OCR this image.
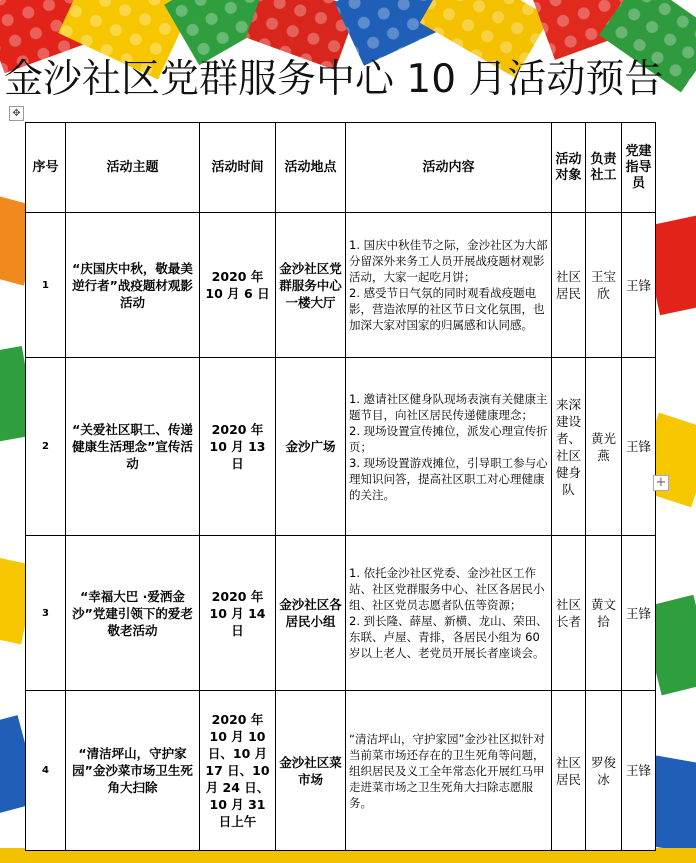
金沙社区党群服务中心 10 月活动预告
✥
+
序号	活动主题	活动时间	活动地点	活动内容	活动对象	负责社工	党建指导员
1	“庆国庆中秋，敬最美逆行者”战疫题材观影活动	2020 年 10 月 6 日	金沙社区党群服务中心一楼大厅	1. 国庆中秋佳节之际，金沙社区为大部分留深外来务工人员开展战疫题材观影活动，大家一起吃月饼；

2. 感受节日气氛的同时观看战疫题电影，营造浓厚的社区节日文化氛围，也加深大家对国家的归属感和认同感。	社区居民	王宝欣	王锋
2	“关爱社区职工、传递健康生活理念”宣传活动	2020 年 10 月 13 日	金沙广场	1. 邀请社区健身队现场表演有关健康主题节目，向社区居民传递健康理念；

2. 现场设置宣传摊位，派发心理宣传折页；

3. 现场设置游戏摊位，引导职工参与心理知识问答，提高社区职工对心理健康的关注。	来深建设者、社区健身队	黄光燕	王锋
3	“幸福大巴 ·爱洒金沙”党建引领下的爱老敬老活动	2020 年 10 月 14 日	金沙社区各居民小组	1. 依托金沙社区党委、金沙社区工作站、社区党群服务中心、社区各居民小组、社区党员志愿者队伍等资源；

2. 到长隆、薛屋、新横、龙山、荣田、东联、卢屋、青排，各居民小组为 60 岁以上老人、老党员开展长者座谈会。	社区长者	黄文拾	王锋
4	“清洁坪山，守护家园”金沙菜市场卫生死角大扫除	2020 年 10 月 10 日、10 月 17 日、10 月 24 日、10 月 31 日上午	金沙社区菜市场	“清洁坪山，守护家园”金沙社区拟针对当前菜市场还存在的卫生死角等问题，组织居民及义工全年常态化开展红马甲走进菜市场之卫生死角大扫除志愿服务。	社区居民	罗俊冰	王锋
